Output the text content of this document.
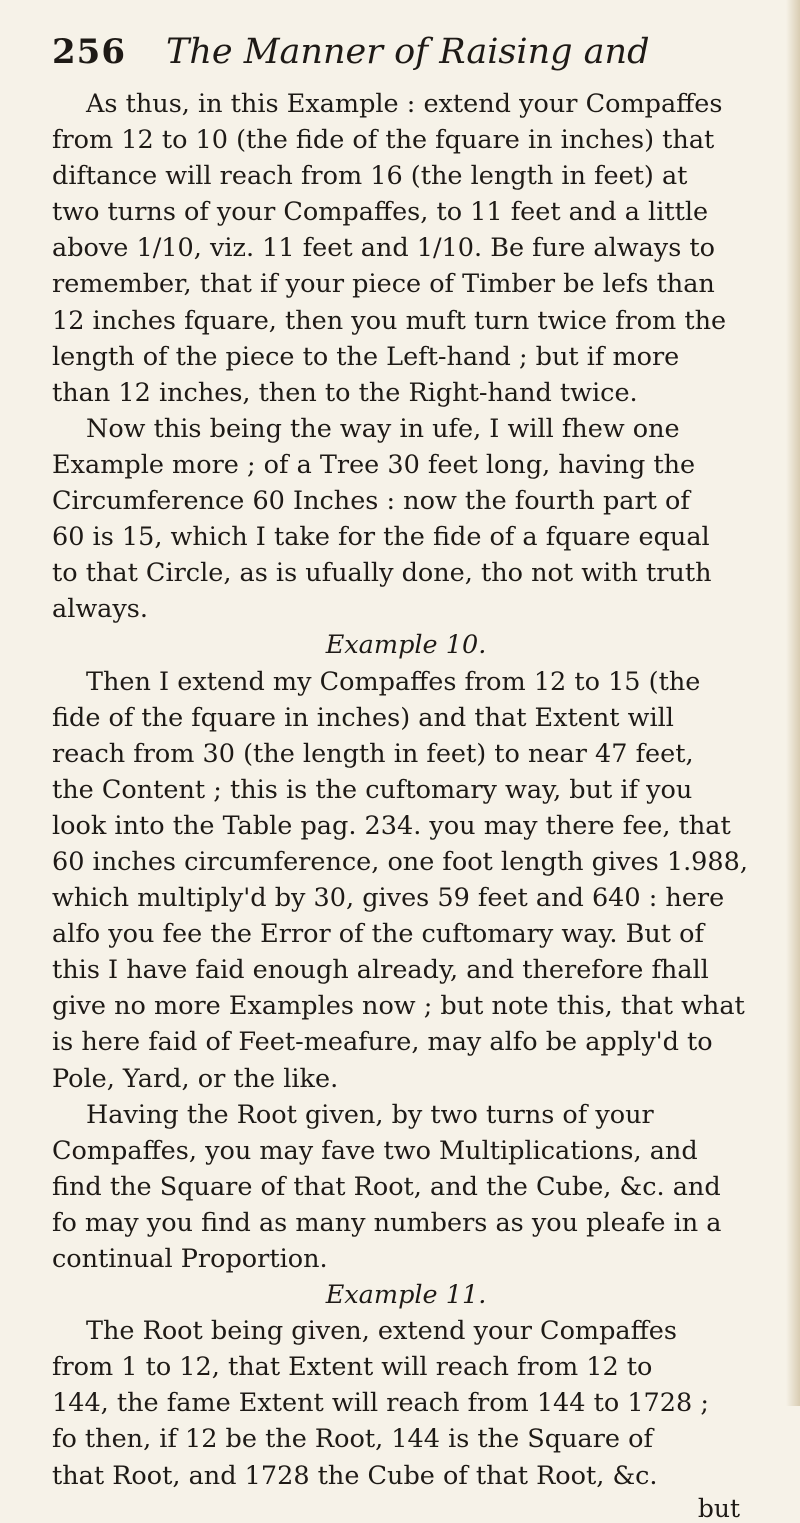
256 The Manner of Raising and
As thus, in this Example : extend your Compaffes
from 12 to 10 (the fide of the fquare in inches) that
diftance will reach from 16 (the length in feet) at
two turns of your Compaffes, to 11 feet and a little
above 1/10, viz. 11 feet and 1/10. Be fure always to
remember, that if your piece of Timber be lefs than
12 inches fquare, then you muft turn twice from the
length of the piece to the Left-hand ; but if more
than 12 inches, then to the Right-hand twice.
Now this being the way in ufe, I will fhew one
Example more ; of a Tree 30 feet long, having the
Circumference 60 Inches : now the fourth part of
60 is 15, which I take for the fide of a fquare equal
to that Circle, as is ufually done, tho not with truth
always.
Example 10.
Then I extend my Compaffes from 12 to 15 (the
fide of the fquare in inches) and that Extent will
reach from 30 (the length in feet) to near 47 feet,
the Content ; this is the cuftomary way, but if you
look into the Table pag. 234. you may there fee, that
60 inches circumference, one foot length gives 1.988,
which multiply'd by 30, gives 59 feet and 640 : here
alfo you fee the Error of the cuftomary way. But of
this I have faid enough already, and therefore fhall
give no more Examples now ; but note this, that what
is here faid of Feet-meafure, may alfo be apply'd to
Pole, Yard, or the like.
Having the Root given, by two turns of your
Compaffes, you may fave two Multiplications, and
find the Square of that Root, and the Cube, &c. and
fo may you find as many numbers as you pleafe in a
continual Proportion.
Example 11.
The Root being given, extend your Compaffes
from 1 to 12, that Extent will reach from 12 to
144, the fame Extent will reach from 144 to 1728 ;
fo then, if 12 be the Root, 144 is the Square of
that Root, and 1728 the Cube of that Root, &c.
but
